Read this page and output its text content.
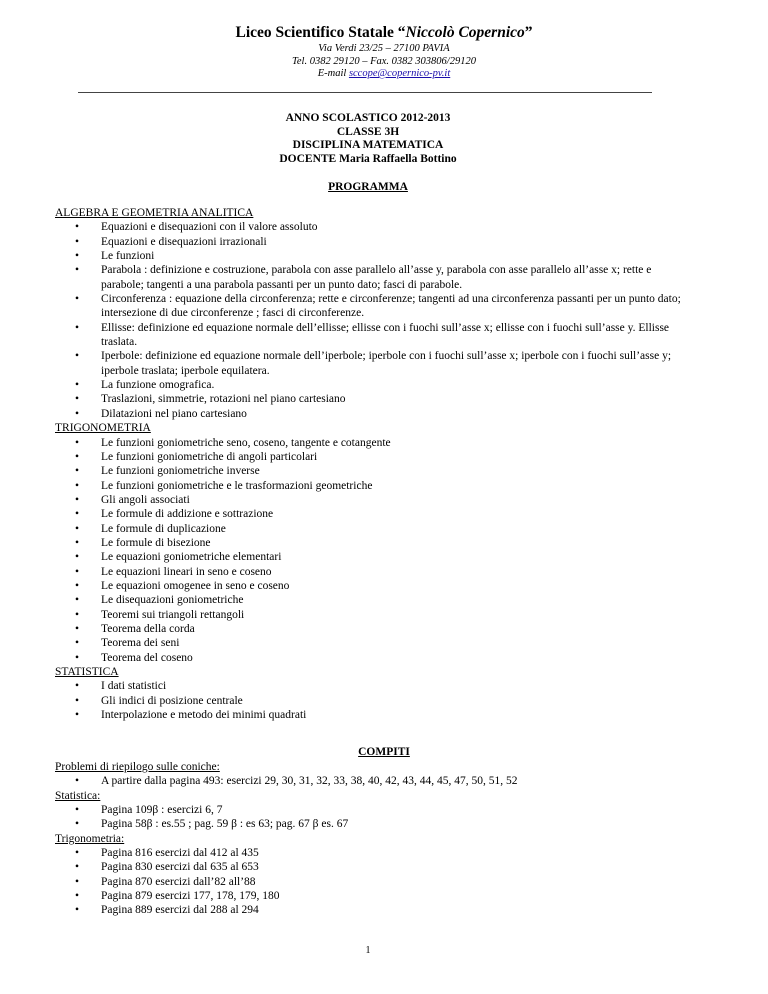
Liceo Scientifico Statale “Niccolò Copernico”
Via Verdi 23/25 – 27100 PAVIA
Tel. 0382 29120 – Fax. 0382 303806/29120
E-mail sccope@copernico-pv.it
ANNO SCOLASTICO 2012-2013
CLASSE 3H
DISCIPLINA MATEMATICA
DOCENTE Maria Raffaella Bottino
PROGRAMMA
ALGEBRA E GEOMETRIA ANALITICA
• Equazioni e disequazioni con il valore assoluto
• Equazioni e disequazioni irrazionali
• Le funzioni
• Parabola : definizione e costruzione, parabola con asse parallelo all’asse y, parabola con asse parallelo all’asse x; rette e parabole; tangenti a una parabola passanti per un punto dato; fasci di parabole.
• Circonferenza : equazione della circonferenza; rette e circonferenze; tangenti ad una circonferenza passanti per un punto dato; intersezione di due circonferenze ; fasci di circonferenze.
• Ellisse: definizione ed equazione normale dell’ellisse; ellisse con i fuochi sull’asse x; ellisse con i fuochi sull’asse y. Ellisse traslata.
• Iperbole: definizione ed equazione normale dell’iperbole; iperbole con i fuochi sull’asse x; iperbole con i fuochi sull’asse y; iperbole traslata; iperbole equilatera.
• La funzione omografica.
• Traslazioni, simmetrie, rotazioni nel piano cartesiano
• Dilatazioni nel piano cartesiano
TRIGONOMETRIA
• Le funzioni goniometriche seno, coseno, tangente e cotangente
• Le funzioni goniometriche di angoli particolari
• Le funzioni goniometriche inverse
• Le funzioni goniometriche e le trasformazioni geometriche
• Gli angoli associati
• Le formule di addizione e sottrazione
• Le formule di duplicazione
• Le formule di bisezione
• Le equazioni goniometriche elementari
• Le equazioni lineari in seno e coseno
• Le equazioni omogenee in seno e coseno
• Le disequazioni goniometriche
• Teoremi sui triangoli rettangoli
• Teorema della corda
• Teorema dei seni
• Teorema del coseno
STATISTICA
• I dati statistici
• Gli indici di posizione centrale
• Interpolazione e metodo dei minimi quadrati
COMPITI
Problemi di riepilogo sulle coniche:
• A partire dalla pagina 493: esercizi 29, 30, 31, 32, 33, 38, 40, 42, 43, 44, 45, 47, 50, 51, 52
Statistica:
• Pagina 109β : esercizi 6, 7
• Pagina 58β : es.55 ; pag. 59 β : es 63; pag. 67 β es. 67
Trigonometria:
• Pagina 816 esercizi dal 412 al 435
• Pagina 830 esercizi dal 635 al 653
• Pagina 870 esercizi dall’82 all’88
• Pagina 879 esercizi 177, 178, 179, 180
• Pagina 889 esercizi dal 288 al 294
1
